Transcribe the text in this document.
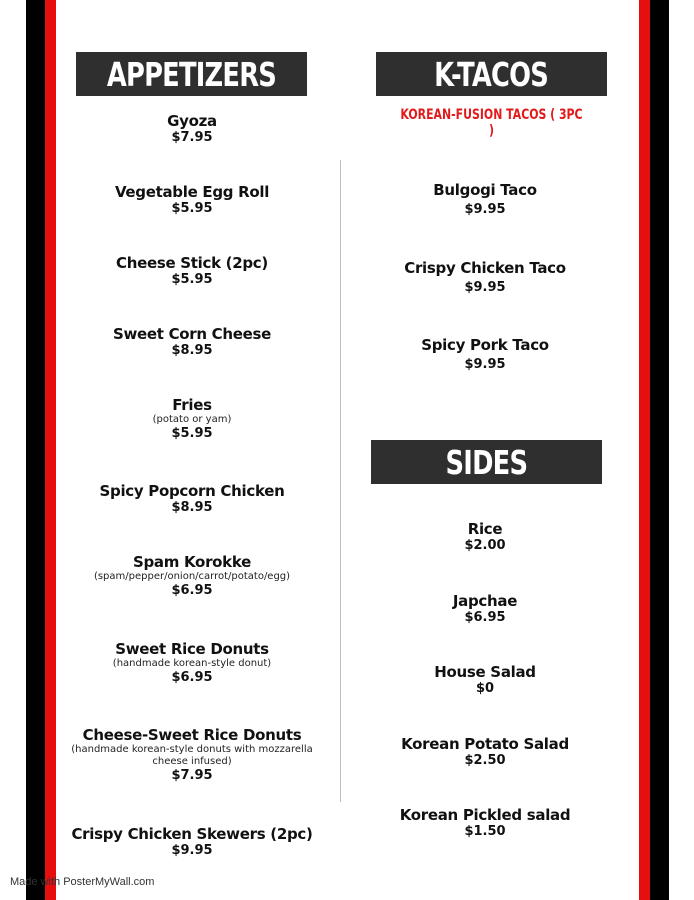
APPETIZERS
Gyoza
$7.95
Vegetable Egg Roll
$5.95
Cheese Stick (2pc)
$5.95
Sweet Corn Cheese
$8.95
Fries
(potato or yam)
$5.95
Spicy Popcorn Chicken
$8.95
Spam Korokke
(spam/pepper/onion/carrot/potato/egg)
$6.95
Sweet Rice Donuts
(handmade korean-style donut)
$6.95
Cheese-Sweet Rice Donuts
(handmade korean-style donuts with mozzarella cheese infused)
$7.95
Crispy Chicken Skewers (2pc)
$9.95
K-TACOS
KOREAN-FUSION TACOS ( 3PC )
Bulgogi Taco
$9.95
Crispy Chicken Taco
$9.95
Spicy Pork Taco
$9.95
SIDES
Rice
$2.00
Japchae
$6.95
House Salad
$0
Korean Potato Salad
$2.50
Korean Pickled salad
$1.50
Made with PosterMyWall.com
